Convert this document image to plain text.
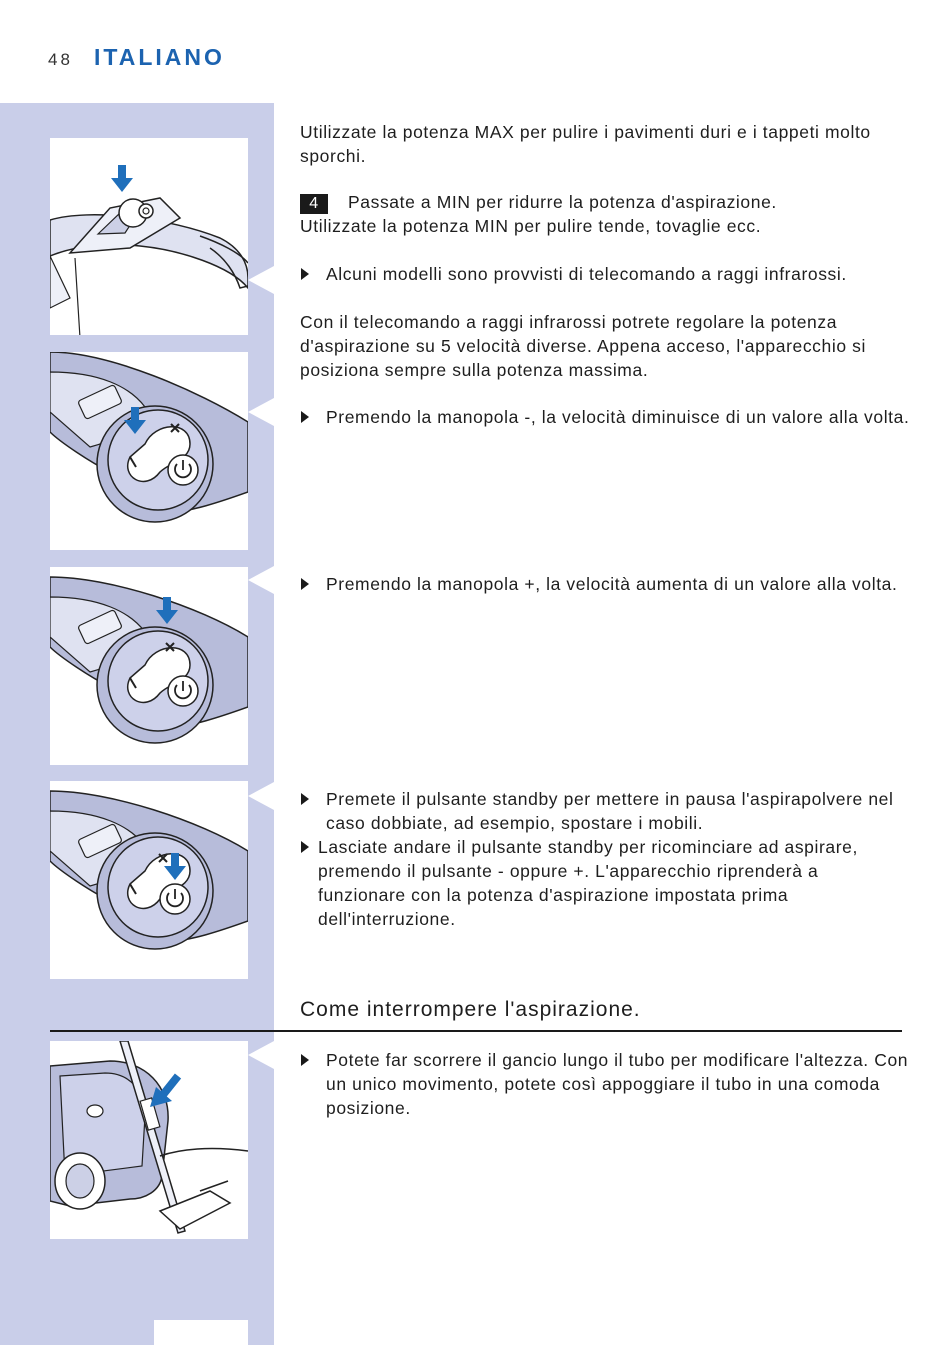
48 ITALIANO

Utilizzate la potenza MAX per pulire i pavimenti duri e i tappeti molto sporchi.

4 Passate a MIN per ridurre la potenza d'aspirazione.

Utilizzate la potenza MIN per pulire tende, tovaglie ecc.

Alcuni modelli sono provvisti di telecomando a raggi infrarossi.

Con il telecomando a raggi infrarossi potrete regolare la potenza d'aspirazione su 5 velocità diverse. Appena acceso, l'apparecchio si posiziona sempre sulla potenza massima.

Premendo la manopola -, la velocità diminuisce di un valore alla volta.

Premendo la manopola +, la velocità aumenta di un valore alla volta.

Premete il pulsante standby per mettere in pausa l'aspirapolvere nel caso dobbiate, ad esempio, spostare i mobili.

Lasciate andare il pulsante standby per ricominciare ad aspirare, premendo il pulsante - oppure +. L'apparecchio riprenderà a funzionare con la potenza d'aspirazione impostata prima dell'interruzione.

Come interrompere l'aspirazione.

Potete far scorrere il gancio lungo il tubo per modificare l'altezza. Con un unico movimento, potete così appoggiare il tubo in una comoda posizione.
